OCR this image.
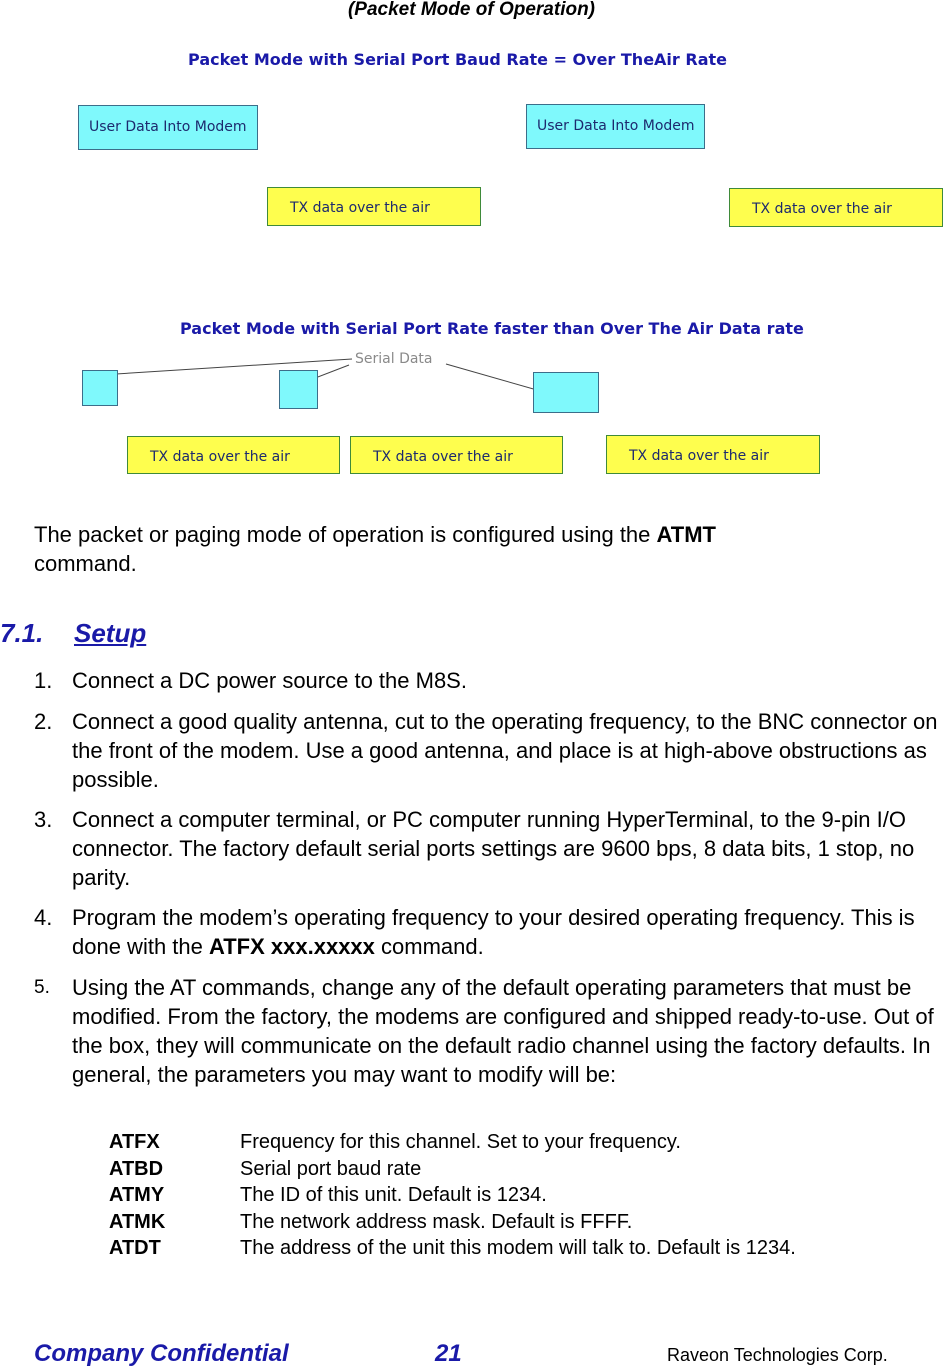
(Packet Mode of Operation)
Packet Mode with Serial Port Baud Rate = Over TheAir Rate
User Data Into Modem	User Data Into Modem
TX data over the air	TX data over the air
Packet Mode with Serial Port Rate faster than Over The Air Data rate
Serial Data
TX data over the air	TX data over the air	TX data over the air
The packet or paging mode of operation is configured using the ATMT
command.
7.1. Setup
1. Connect a DC power source to the M8S.
2. Connect a good quality antenna, cut to the operating frequency, to the BNC connector on the front of the modem. Use a good antenna, and place is at high-above obstructions as possible.
3. Connect a computer terminal, or PC computer running HyperTerminal, to the 9-pin I/O connector. The factory default serial ports settings are 9600 bps, 8 data bits, 1 stop, no parity.
4. Program the modem’s operating frequency to your desired operating frequency. This is done with the ATFX xxx.xxxxx command.
5. Using the AT commands, change any of the default operating parameters that must be modified. From the factory, the modems are configured and shipped ready-to-use. Out of the box, they will communicate on the default radio channel using the factory defaults. In general, the parameters you may want to modify will be:
ATFX	Frequency for this channel. Set to your frequency.
ATBD	Serial port baud rate
ATMY	The ID of this unit. Default is 1234.
ATMK	The network address mask. Default is FFFF.
ATDT	The address of the unit this modem will talk to. Default is 1234.
Company Confidential	21	Raveon Technologies Corp.
